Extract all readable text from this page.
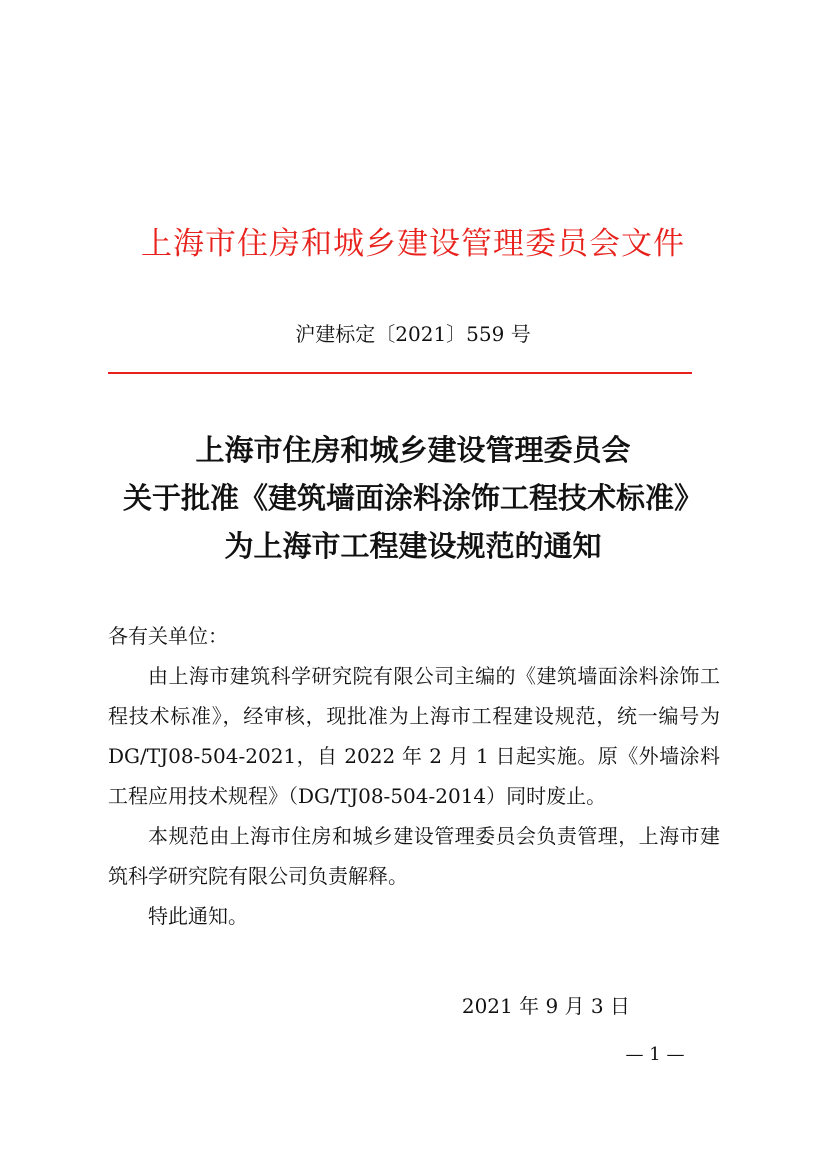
上海市住房和城乡建设管理委员会文件
沪建标定〔2021〕559 号
上海市住房和城乡建设管理委员会
关于批准《建筑墙面涂料涂饰工程技术标准》
为上海市工程建设规范的通知

各有关单位：

由上海市建筑科学研究院有限公司主编的《建筑墙面涂料涂饰工程技术标准》，经审核，现批准为上海市工程建设规范，统一编号为 DG/TJ08-504-2021，自 2022 年 2 月 1 日起实施。原《外墙涂料工程应用技术规程》（DG/TJ08-504-2014）同时废止。

本规范由上海市住房和城乡建设管理委员会负责管理，上海市建筑科学研究院有限公司负责解释。

特此通知。

2021 年 9 月 3 日
— 1 —
